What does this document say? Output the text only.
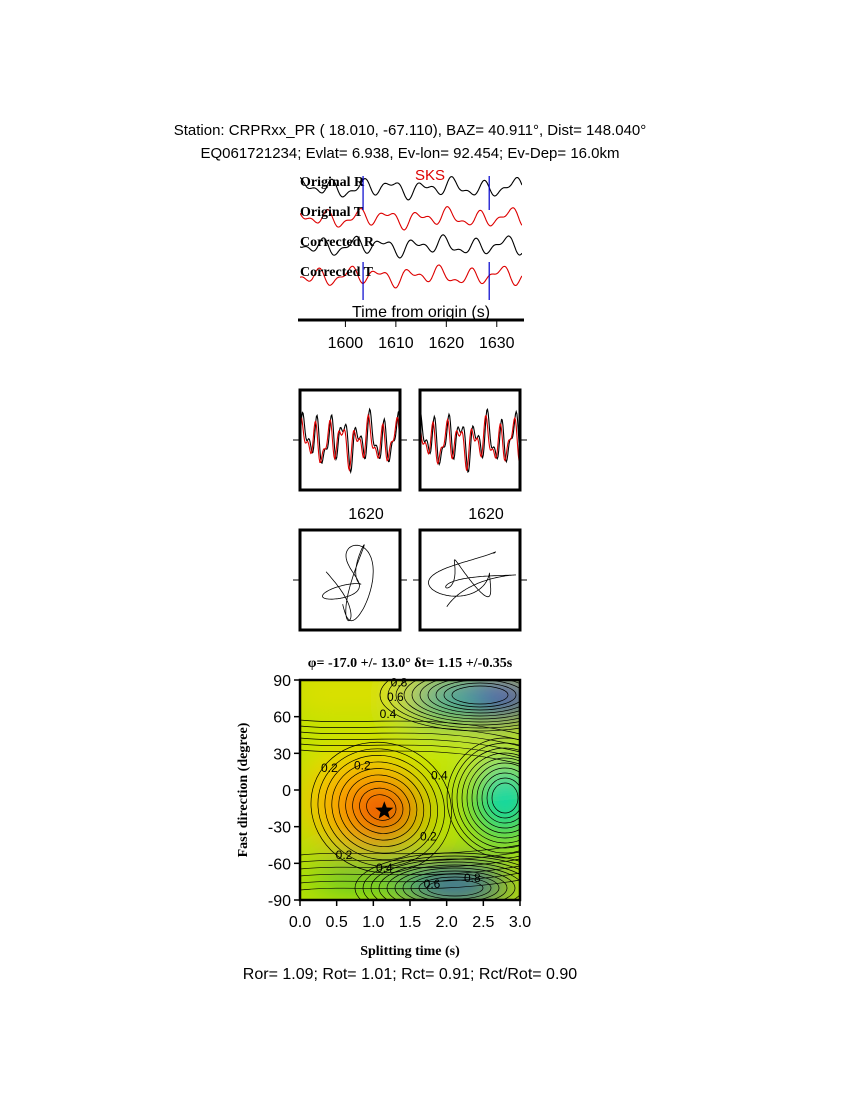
Station: CRPRxx_PR ( 18.010, -67.110), BAZ= 40.911°, Dist= 148.040°
EQ061721234; Evlat= 6.938, Ev-lon= 92.454; Ev-Dep= 16.0km
Original R
Original T
Corrected R
Corrected T
SKS
Time from origin (s)
1600 1610 1620 1630
1620	1620
φ= -17.0 +/- 13.0° δt= 1.15 +/-0.35s
0.2 0.2
0.2
0.2
0.4
0.6
0.8
0.4
0.4
0.6 0.8
0.0 0.5 1.0 1.5 2.0 2.5 3.0
90
60
30
0
-30
-60
-90
Splitting time (s)
Fast direction (degree)
Ror= 1.09; Rot= 1.01; Rct= 0.91; Rct/Rot= 0.90
